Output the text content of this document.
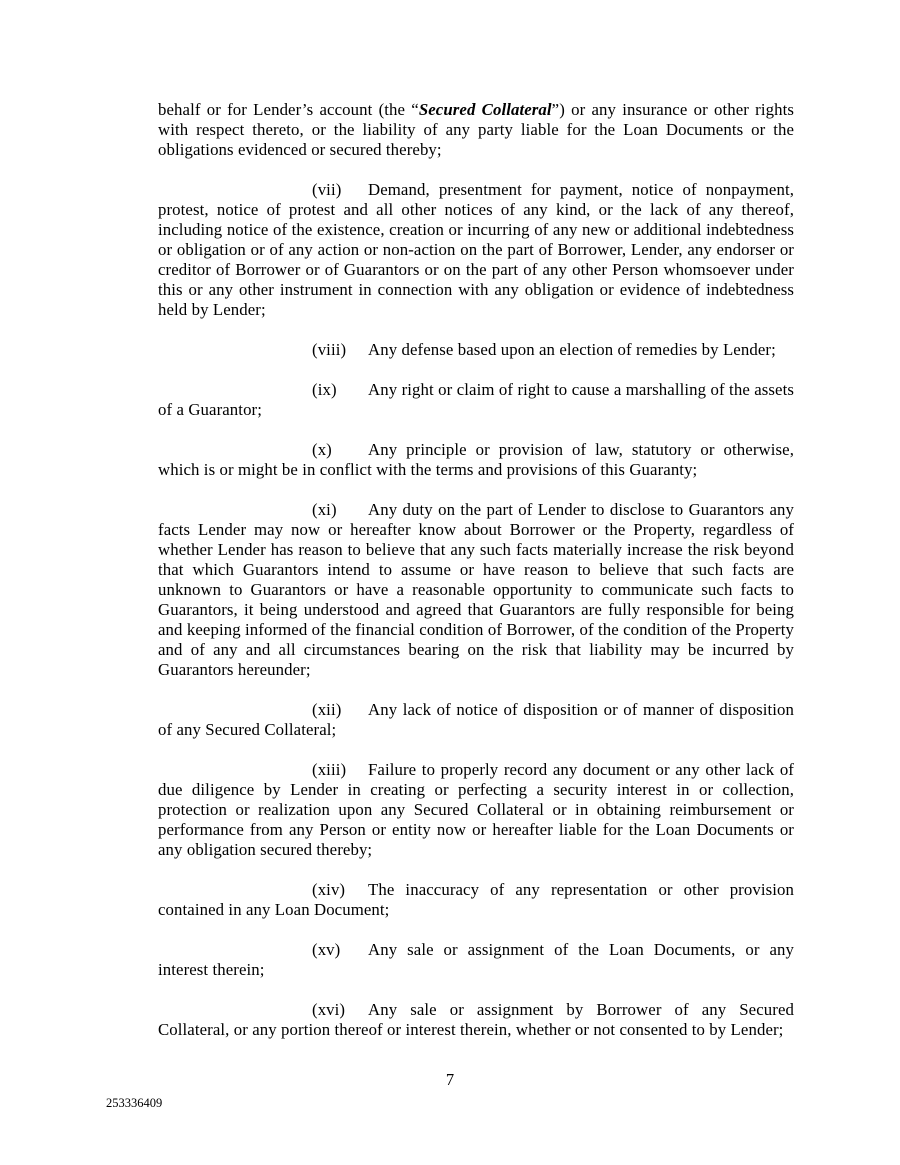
behalf or for Lender’s account (the “Secured Collateral”) or any insurance or other rights with respect thereto, or the liability of any party liable for the Loan Documents or the obligations evidenced or secured thereby;

(vii) Demand, presentment for payment, notice of nonpayment, protest, notice of protest and all other notices of any kind, or the lack of any thereof, including notice of the existence, creation or incurring of any new or additional indebtedness or obligation or of any action or non-action on the part of Borrower, Lender, any endorser or creditor of Borrower or of Guarantors or on the part of any other Person whomsoever under this or any other instrument in connection with any obligation or evidence of indebtedness held by Lender;

(viii) Any defense based upon an election of remedies by Lender;

(ix) Any right or claim of right to cause a marshalling of the assets of a Guarantor;

(x) Any principle or provision of law, statutory or otherwise, which is or might be in conflict with the terms and provisions of this Guaranty;

(xi) Any duty on the part of Lender to disclose to Guarantors any facts Lender may now or hereafter know about Borrower or the Property, regardless of whether Lender has reason to believe that any such facts materially increase the risk beyond that which Guarantors intend to assume or have reason to believe that such facts are unknown to Guarantors or have a reasonable opportunity to communicate such facts to Guarantors, it being understood and agreed that Guarantors are fully responsible for being and keeping informed of the financial condition of Borrower, of the condition of the Property and of any and all circumstances bearing on the risk that liability may be incurred by Guarantors hereunder;

(xii) Any lack of notice of disposition or of manner of disposition of any Secured Collateral;

(xiii) Failure to properly record any document or any other lack of due diligence by Lender in creating or perfecting a security interest in or collection, protection or realization upon any Secured Collateral or in obtaining reimbursement or performance from any Person or entity now or hereafter liable for the Loan Documents or any obligation secured thereby;

(xiv) The inaccuracy of any representation or other provision contained in any Loan Document;

(xv) Any sale or assignment of the Loan Documents, or any interest therein;

(xvi) Any sale or assignment by Borrower of any Secured Collateral, or any portion thereof or interest therein, whether or not consented to by Lender;

7
253336409
